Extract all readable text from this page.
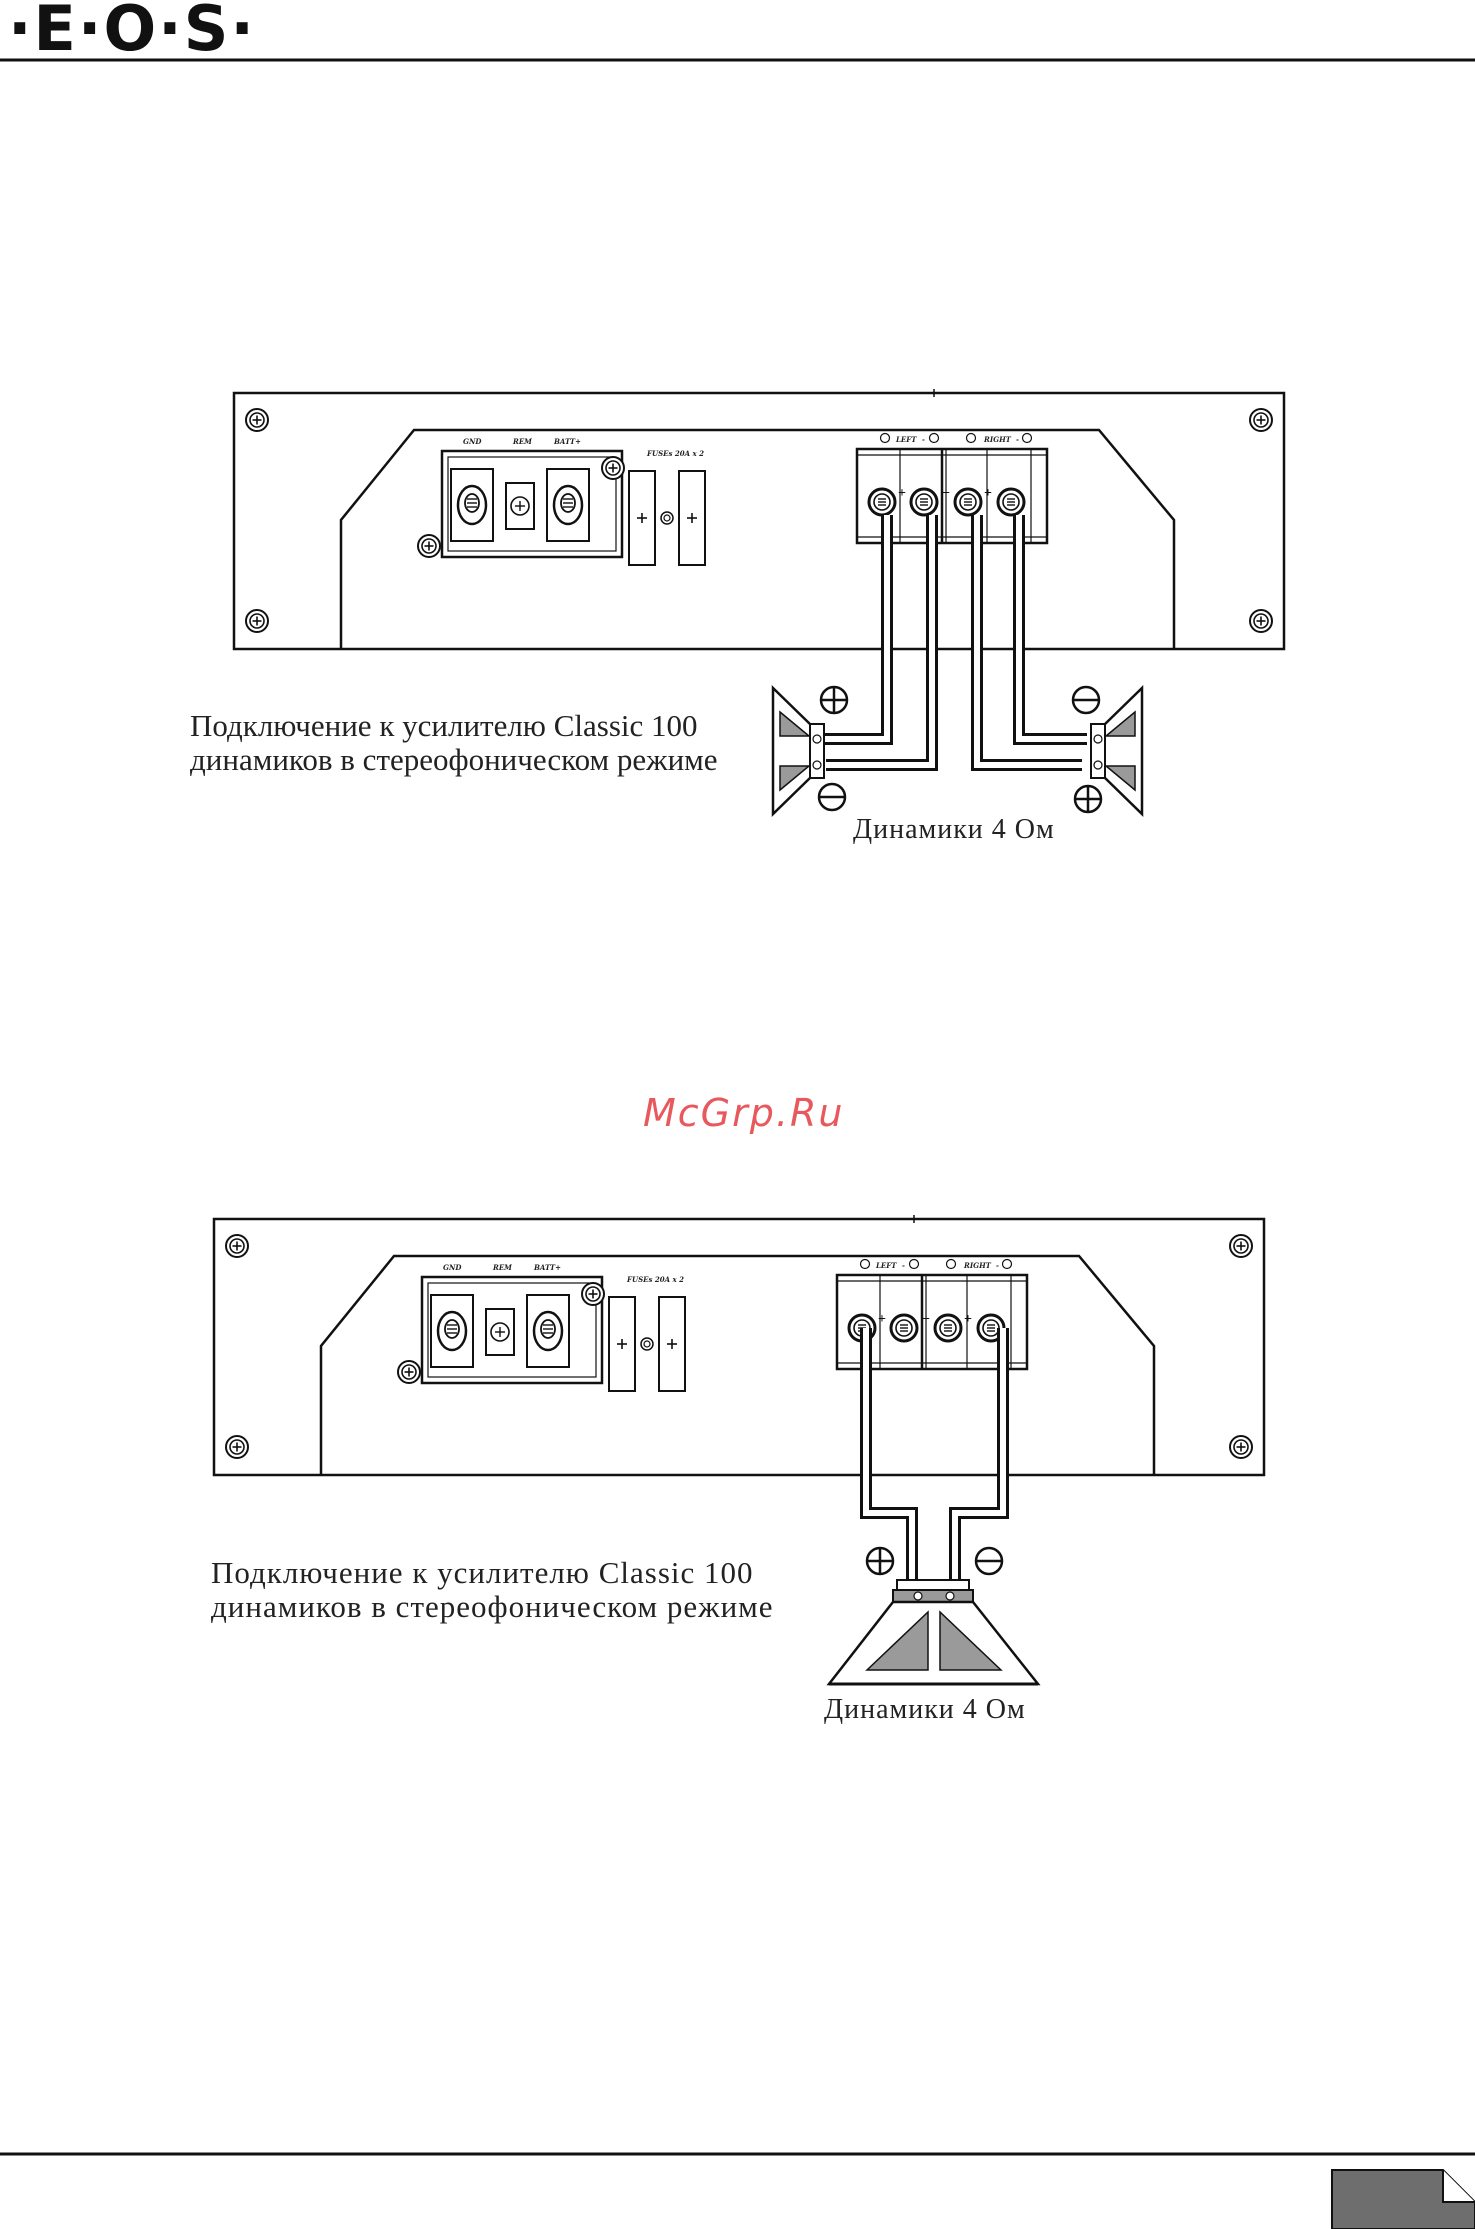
·E·O·S·
GND	REM	BATT+
FUSEs 20A x 2
LEFT	RIGHT
-	-
+	+
+
GND	REM	BATT+
FUSEs 20A x 2
LEFT	RIGHT
-	-
+	+
+
Подключение к усилителю Classic 100
динамиков в стереофоническом режиме
Динамики 4 Ом
McGrp.Ru
Подключение к усилителю Classic 100
динамиков в стереофоническом режиме
Динамики 4 Ом
